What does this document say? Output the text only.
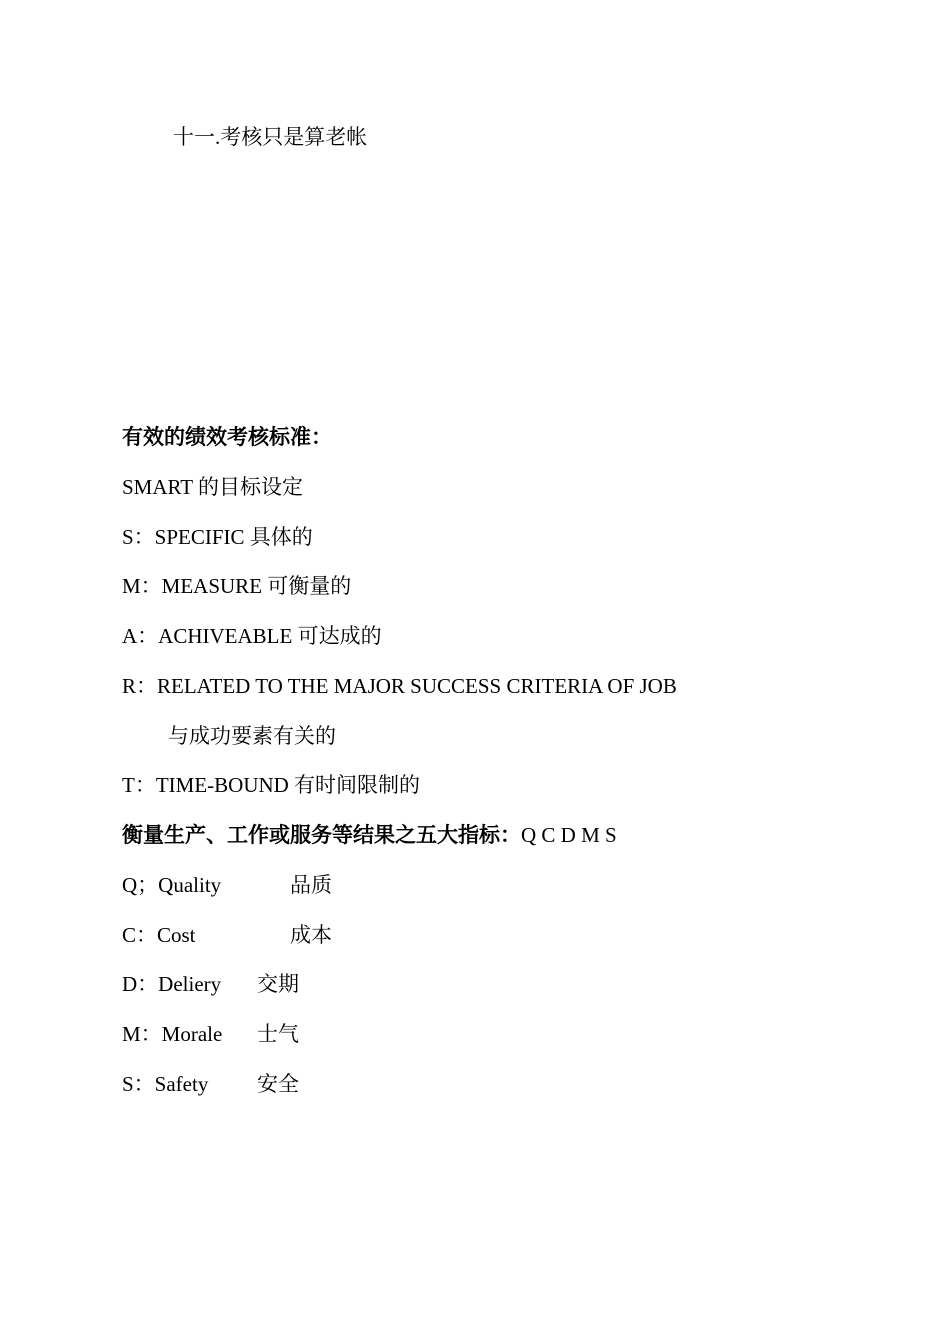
十一.考核只是算老帐
有效的绩效考核标准：
SMART 的目标设定
S：SPECIFIC 具体的
M：MEASURE 可衡量的
A：ACHIVEABLE 可达成的
R：RELATED TO THE MAJOR SUCCESS CRITERIA OF JOB
与成功要素有关的
T：TIME-BOUND 有时间限制的
衡量生产、工作或服务等结果之五大指标：Q C D M S
Q；Quality	品质
C：Cost	成本
D：Deliery 交期
M：Morale 士气
S：Safety 安全
